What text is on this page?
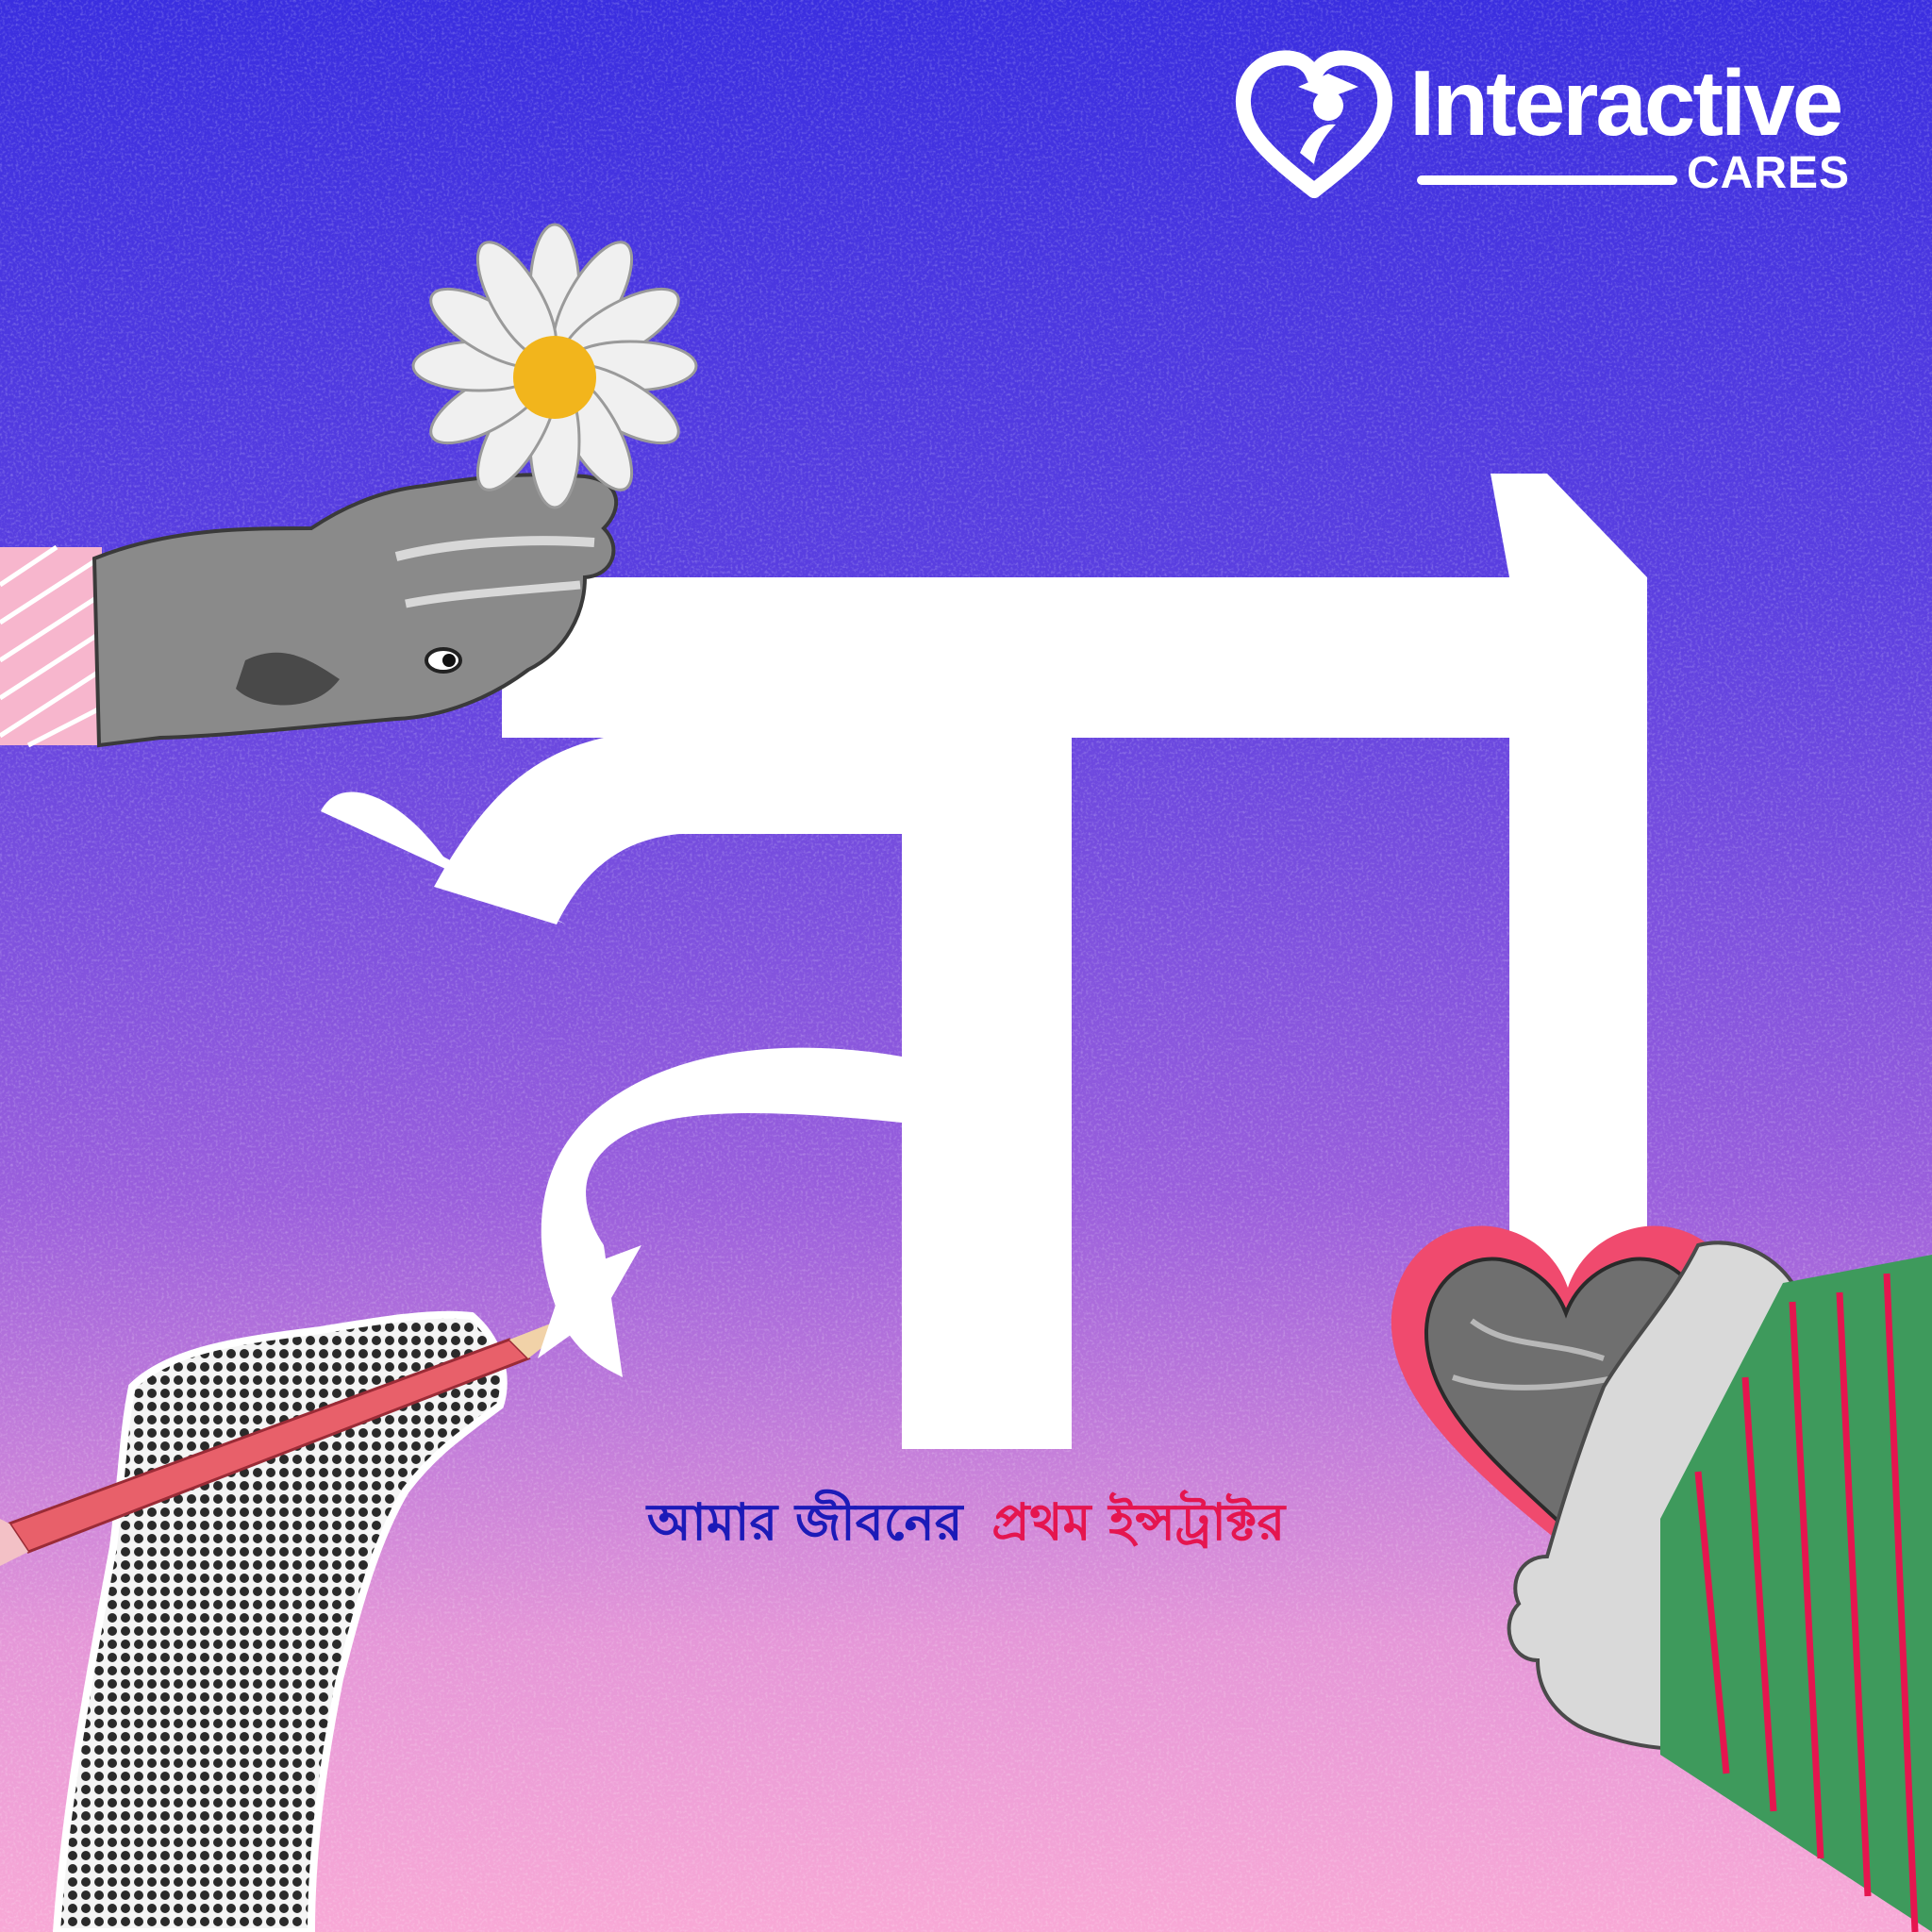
Interactive
CARES
আমার জীবনের প্রথম ইন্সট্রাক্টর
